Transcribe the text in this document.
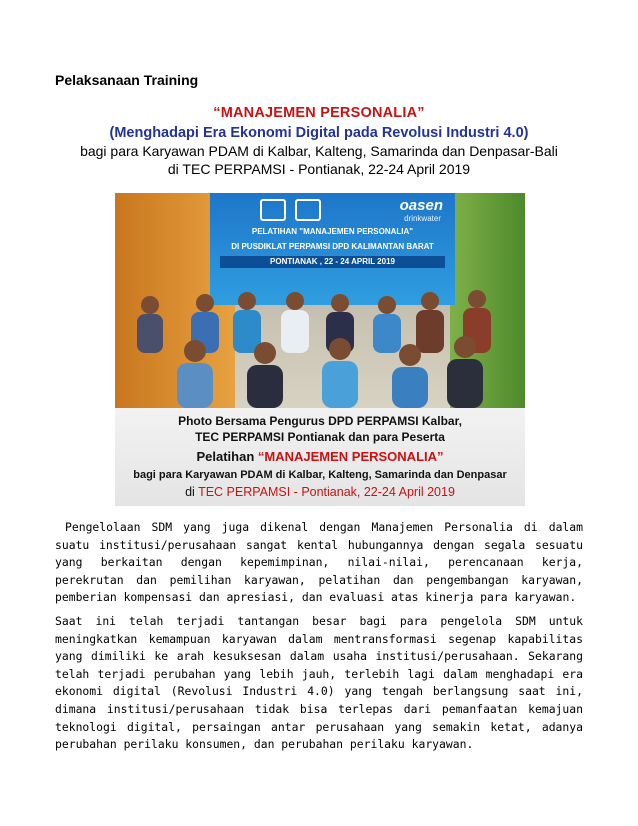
Pelaksanaan Training
“MANAJEMEN PERSONALIA”
(Menghadapi Era Ekonomi Digital pada Revolusi Industri 4.0)
bagi para Karyawan PDAM di Kalbar, Kalteng, Samarinda dan Denpasar-Bali
di TEC PERPAMSI - Pontianak, 22-24 April 2019
oasen
drinkwater
PELATIHAN "MANAJEMEN PERSONALIA"
DI PUSDIKLAT PERPAMSI DPD KALIMANTAN BARAT
PONTIANAK , 22 - 24 APRIL 2019
Photo Bersama Pengurus DPD PERPAMSI Kalbar,
TEC PERPAMSI Pontianak dan para Peserta
Pelatihan “MANAJEMEN PERSONALIA”
bagi para Karyawan PDAM di Kalbar, Kalteng, Samarinda dan Denpasar
di TEC PERPAMSI - Pontianak, 22-24 April 2019
Pengelolaan SDM yang juga dikenal dengan Manajemen Personalia di dalam suatu institusi/perusahaan sangat kental hubungannya dengan segala sesuatu yang berkaitan dengan kepemimpinan, nilai-nilai, perencanaan kerja, perekrutan dan pemilihan karyawan, pelatihan dan pengembangan karyawan, pemberian kompensasi dan apresiasi, dan evaluasi atas kinerja para karyawan.
Saat ini telah terjadi tantangan besar bagi para pengelola SDM untuk meningkatkan kemampuan karyawan dalam mentransformasi segenap kapabilitas yang dimiliki ke arah kesuksesan dalam usaha institusi/perusahaan. Sekarang telah terjadi perubahan yang lebih jauh, terlebih lagi dalam menghadapi era ekonomi digital (Revolusi Industri 4.0) yang tengah berlangsung saat ini, dimana institusi/perusahaan tidak bisa terlepas dari pemanfaatan kemajuan teknologi digital, persaingan antar perusahaan yang semakin ketat, adanya perubahan perilaku konsumen, dan perubahan perilaku karyawan.
